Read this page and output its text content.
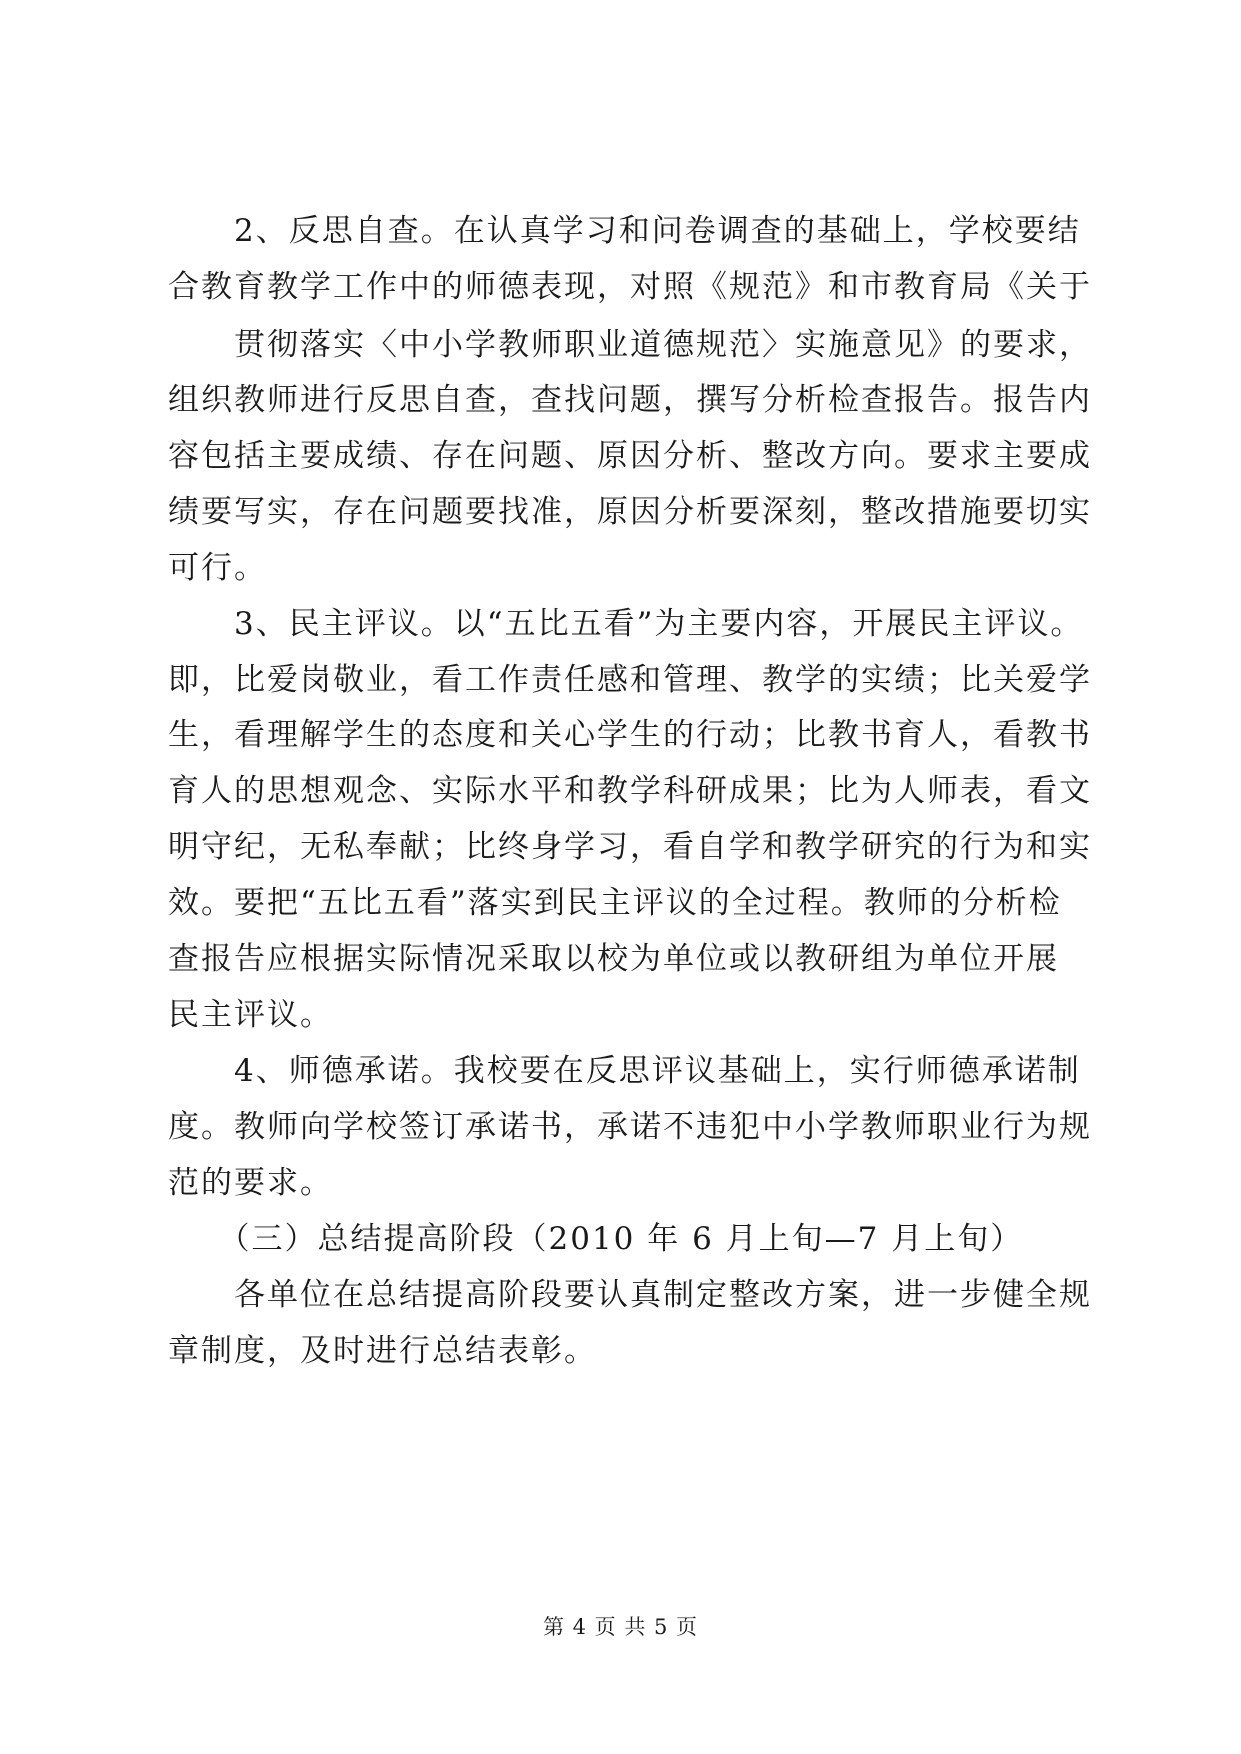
　　2、反思自查。在认真学习和问卷调查的基础上，学校要结
合教育教学工作中的师德表现，对照《规范》和市教育局《关于
　　贯彻落实〈中小学教师职业道德规范〉实施意见》的要求，
组织教师进行反思自查，查找问题，撰写分析检查报告。报告内
容包括主要成绩、存在问题、原因分析、整改方向。要求主要成
绩要写实，存在问题要找准，原因分析要深刻，整改措施要切实
可行。
　　3、民主评议。以“五比五看”为主要内容，开展民主评议。
即，比爱岗敬业，看工作责任感和管理、教学的实绩；比关爱学
生，看理解学生的态度和关心学生的行动；比教书育人，看教书
育人的思想观念、实际水平和教学科研成果；比为人师表，看文
明守纪，无私奉献；比终身学习，看自学和教学研究的行为和实
效。要把“五比五看”落实到民主评议的全过程。教师的分析检
查报告应根据实际情况采取以校为单位或以教研组为单位开展
民主评议。
　　4、师德承诺。我校要在反思评议基础上，实行师德承诺制
度。教师向学校签订承诺书，承诺不违犯中小学教师职业行为规
范的要求。
　　（三）总结提高阶段（2010 年 6 月上旬—7 月上旬）
　　各单位在总结提高阶段要认真制定整改方案，进一步健全规
章制度，及时进行总结表彰。
第 4 页 共 5 页
